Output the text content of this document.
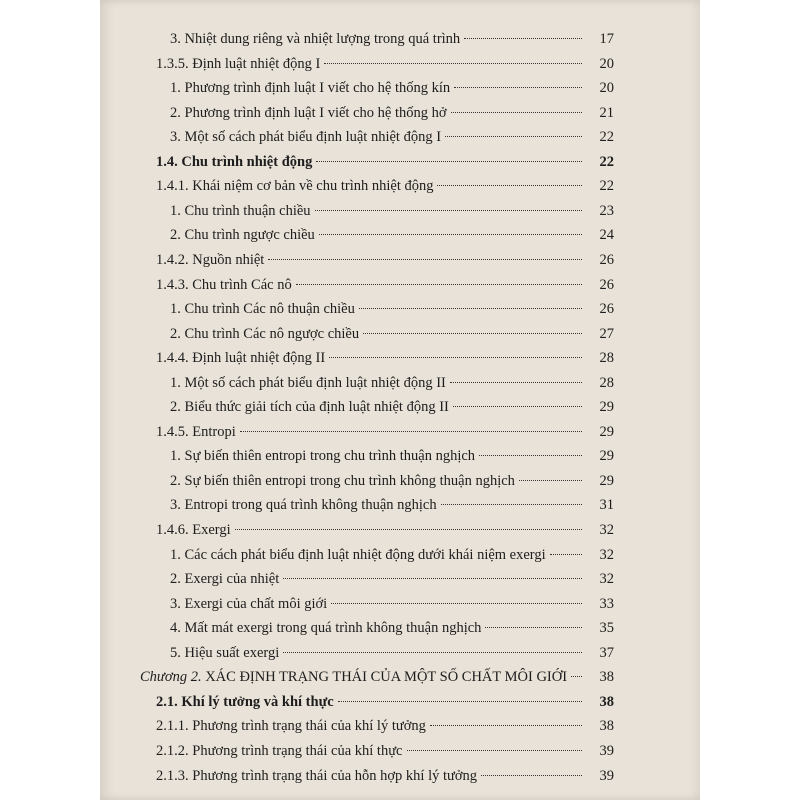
3. Nhiệt dung riêng và nhiệt lượng trong quá trình	17
1.3.5. Định luật nhiệt động I	20
1. Phương trình định luật I viết cho hệ thống kín	20
2. Phương trình định luật I viết cho hệ thống hở	21
3. Một số cách phát biểu định luật nhiệt động I	22
1.4. Chu trình nhiệt động	22
1.4.1. Khái niệm cơ bản về chu trình nhiệt động	22
1. Chu trình thuận chiều	23
2. Chu trình ngược chiều	24
1.4.2. Nguồn nhiệt	26
1.4.3. Chu trình Các nô	26
1. Chu trình Các nô thuận chiều	26
2. Chu trình Các nô ngược chiều	27
1.4.4. Định luật nhiệt động II	28
1. Một số cách phát biểu định luật nhiệt động II	28
2. Biểu thức giải tích của định luật nhiệt động II	29
1.4.5. Entropi	29
1. Sự biến thiên entropi trong chu trình thuận nghịch	29
2. Sự biến thiên entropi trong chu trình không thuận nghịch	29
3. Entropi trong quá trình không thuận nghịch	31
1.4.6. Exergi	32
1. Các cách phát biểu định luật nhiệt động dưới khái niệm exergi	32
2. Exergi của nhiệt	32
3. Exergi của chất môi giới	33
4. Mất mát exergi trong quá trình không thuận nghịch	35
5. Hiệu suất exergi	37
Chương 2. XÁC ĐỊNH TRẠNG THÁI CỦA MỘT SỐ CHẤT MÔI GIỚI	38
2.1. Khí lý tưởng và khí thực	38
2.1.1. Phương trình trạng thái của khí lý tưởng	38
2.1.2. Phương trình trạng thái của khí thực	39
2.1.3. Phương trình trạng thái của hỗn hợp khí lý tưởng	39
